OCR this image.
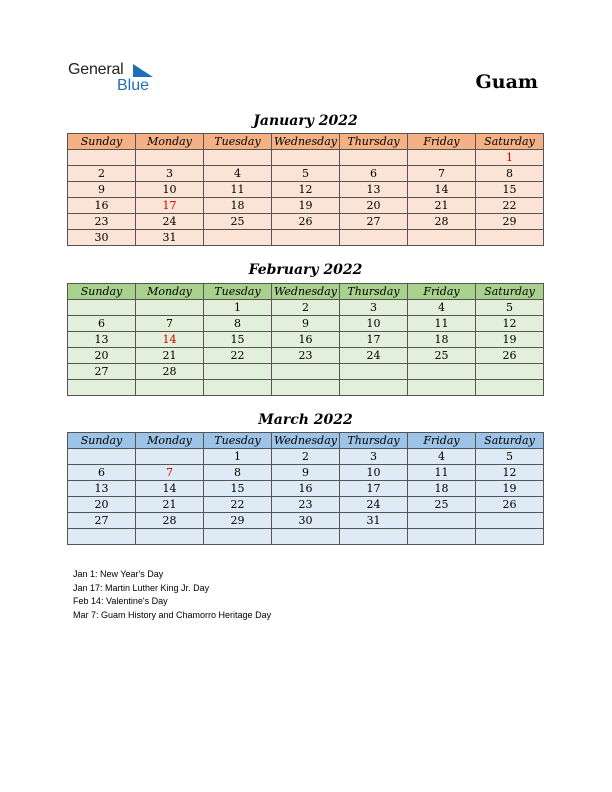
General
Blue	Guam
January 2022
Sunday	Monday	Tuesday	Wednesday	Thursday	Friday	Saturday
						1
2	3	4	5	6	7	8
9	10	11	12	13	14	15
16	17	18	19	20	21	22
23	24	25	26	27	28	29
30	31					
February 2022
Sunday	Monday	Tuesday	Wednesday	Thursday	Friday	Saturday
		1	2	3	4	5
6	7	8	9	10	11	12
13	14	15	16	17	18	19
20	21	22	23	24	25	26
27	28					

March 2022
Sunday	Monday	Tuesday	Wednesday	Thursday	Friday	Saturday
		1	2	3	4	5
6	7	8	9	10	11	12
13	14	15	16	17	18	19
20	21	22	23	24	25	26
27	28	29	30	31		

Jan 1: New Year's Day
Jan 17: Martin Luther King Jr. Day
Feb 14: Valentine's Day
Mar 7: Guam History and Chamorro Heritage Day
